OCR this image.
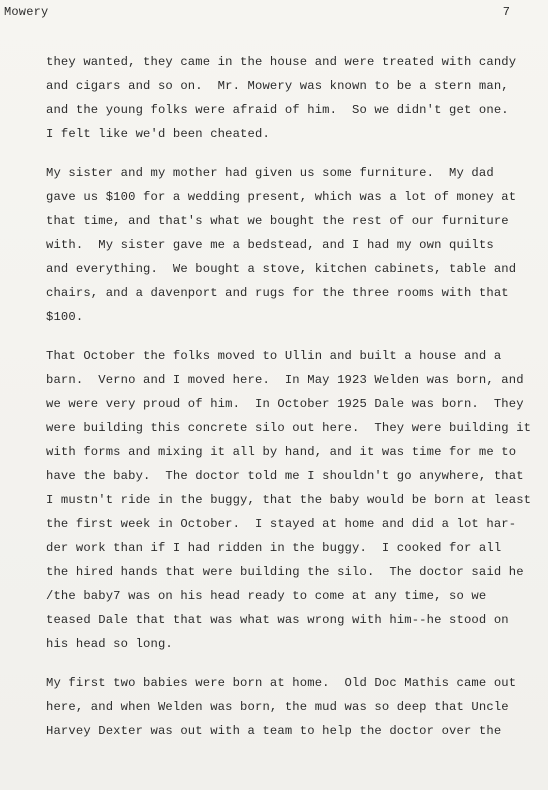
Mowery	7
they wanted, they came in the house and were treated with candy
and cigars and so on.  Mr. Mowery was known to be a stern man,
and the young folks were afraid of him.  So we didn't get one.
I felt like we'd been cheated.
My sister and my mother had given us some furniture.  My dad
gave us $100 for a wedding present, which was a lot of money at
that time, and that's what we bought the rest of our furniture
with.  My sister gave me a bedstead, and I had my own quilts
and everything.  We bought a stove, kitchen cabinets, table and
chairs, and a davenport and rugs for the three rooms with that
$100.
That October the folks moved to Ullin and built a house and a
barn.  Verno and I moved here.  In May 1923 Welden was born, and
we were very proud of him.  In October 1925 Dale was born.  They
were building this concrete silo out here.  They were building it
with forms and mixing it all by hand, and it was time for me to
have the baby.  The doctor told me I shouldn't go anywhere, that
I mustn't ride in the buggy, that the baby would be born at least
the first week in October.  I stayed at home and did a lot har-
der work than if I had ridden in the buggy.  I cooked for all
the hired hands that were building the silo.  The doctor said he
/the baby7 was on his head ready to come at any time, so we
teased Dale that that was what was wrong with him--he stood on
his head so long.
My first two babies were born at home.  Old Doc Mathis came out
here, and when Welden was born, the mud was so deep that Uncle
Harvey Dexter was out with a team to help the doctor over the
